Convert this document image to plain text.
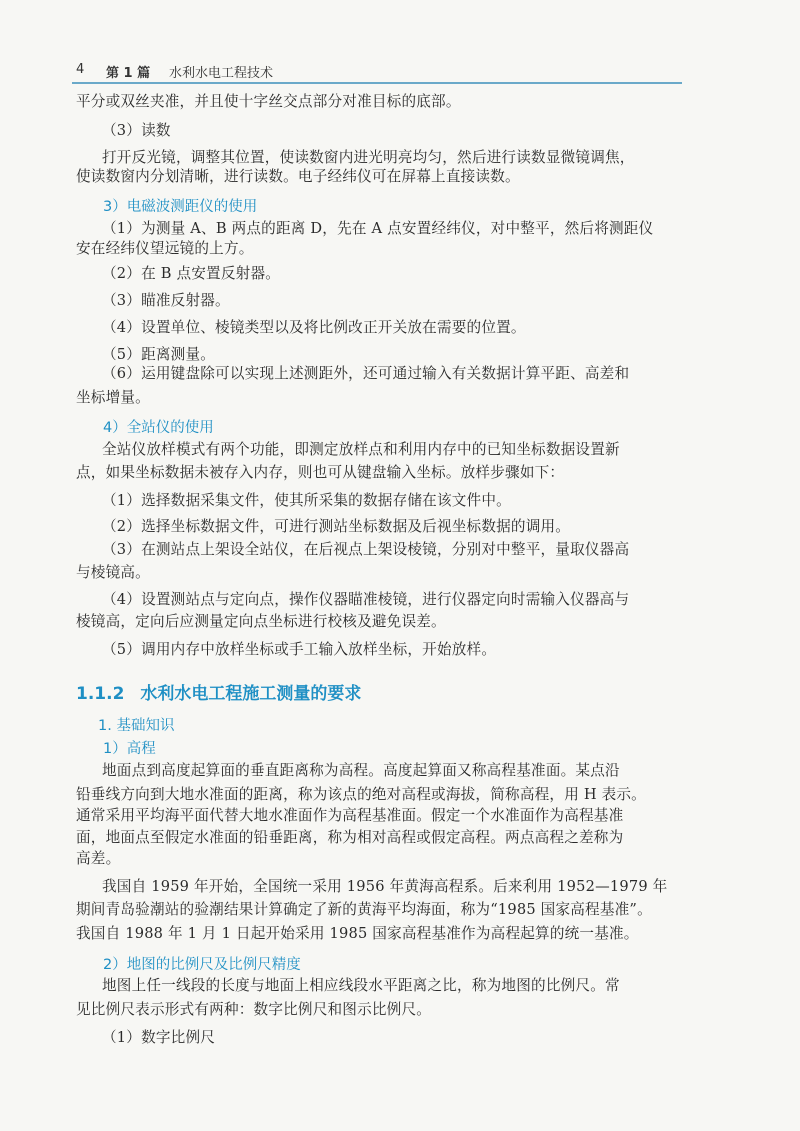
4 第 1 篇 水利水电工程技术
平分或双丝夹准，并且使十字丝交点部分对准目标的底部。
（3）读数
打开反光镜，调整其位置，使读数窗内进光明亮均匀，然后进行读数显微镜调焦，
使读数窗内分划清晰，进行读数。电子经纬仪可在屏幕上直接读数。
3）电磁波测距仪的使用
（1）为测量 A、B 两点的距离 D，先在 A 点安置经纬仪，对中整平，然后将测距仪
安在经纬仪望远镜的上方。
（2）在 B 点安置反射器。
（3）瞄准反射器。
（4）设置单位、棱镜类型以及将比例改正开关放在需要的位置。
（5）距离测量。
（6）运用键盘除可以实现上述测距外，还可通过输入有关数据计算平距、高差和
坐标增量。
4）全站仪的使用
全站仪放样模式有两个功能，即测定放样点和利用内存中的已知坐标数据设置新
点，如果坐标数据未被存入内存，则也可从键盘输入坐标。放样步骤如下：
（1）选择数据采集文件，使其所采集的数据存储在该文件中。
（2）选择坐标数据文件，可进行测站坐标数据及后视坐标数据的调用。
（3）在测站点上架设全站仪，在后视点上架设棱镜，分别对中整平，量取仪器高
与棱镜高。
（4）设置测站点与定向点，操作仪器瞄准棱镜，进行仪器定向时需输入仪器高与
棱镜高，定向后应测量定向点坐标进行校核及避免误差。
（5）调用内存中放样坐标或手工输入放样坐标，开始放样。
1.1.2 水利水电工程施工测量的要求
1. 基础知识
1）高程
地面点到高度起算面的垂直距离称为高程。高度起算面又称高程基准面。某点沿
铅垂线方向到大地水准面的距离，称为该点的绝对高程或海拔，简称高程，用 H 表示。
通常采用平均海平面代替大地水准面作为高程基准面。假定一个水准面作为高程基准
面，地面点至假定水准面的铅垂距离，称为相对高程或假定高程。两点高程之差称为
高差。
我国自 1959 年开始，全国统一采用 1956 年黄海高程系。后来利用 1952—1979 年
期间青岛验潮站的验潮结果计算确定了新的黄海平均海面，称为“1985 国家高程基准”。
我国自 1988 年 1 月 1 日起开始采用 1985 国家高程基准作为高程起算的统一基准。
2）地图的比例尺及比例尺精度
地图上任一线段的长度与地面上相应线段水平距离之比，称为地图的比例尺。常
见比例尺表示形式有两种：数字比例尺和图示比例尺。
（1）数字比例尺
